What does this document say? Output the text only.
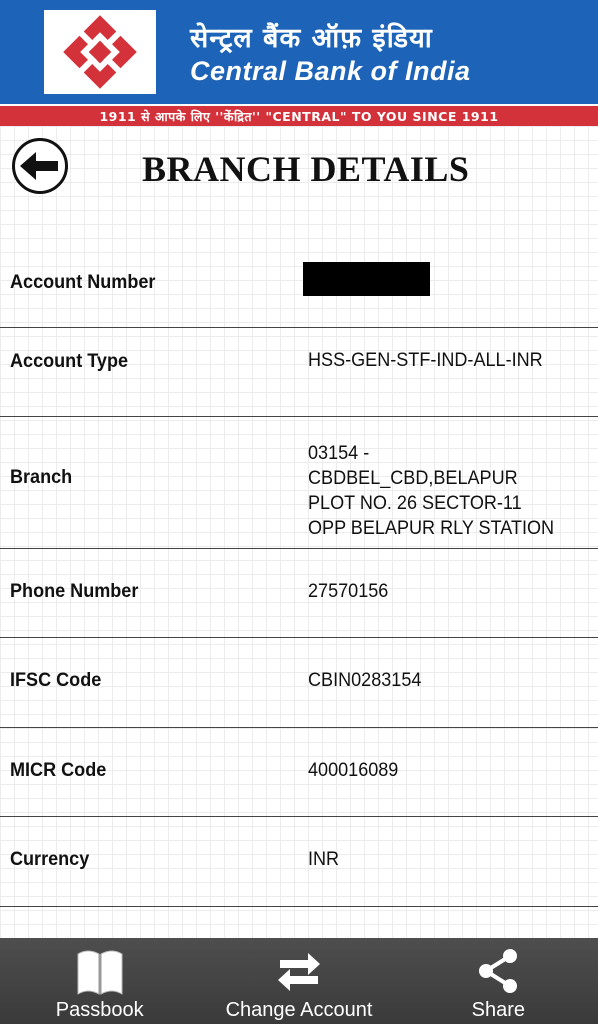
सेन्ट्रल बैंक ऑफ़ इंडिया
Central Bank of India
1911 से आपके लिए ''केंद्रित'' "CENTRAL" TO YOU SINCE 1911
BRANCH DETAILS
Account Number
Account Type	HSS-GEN-STF-IND-ALL-INR
Branch
03154 -
CBDBEL_CBD,BELAPUR
PLOT NO. 26 SECTOR-11
OPP BELAPUR RLY STATION
Phone Number	27570156
IFSC Code	CBIN0283154
MICR Code	400016089
Currency	INR
Passbook	Change Account	Share
